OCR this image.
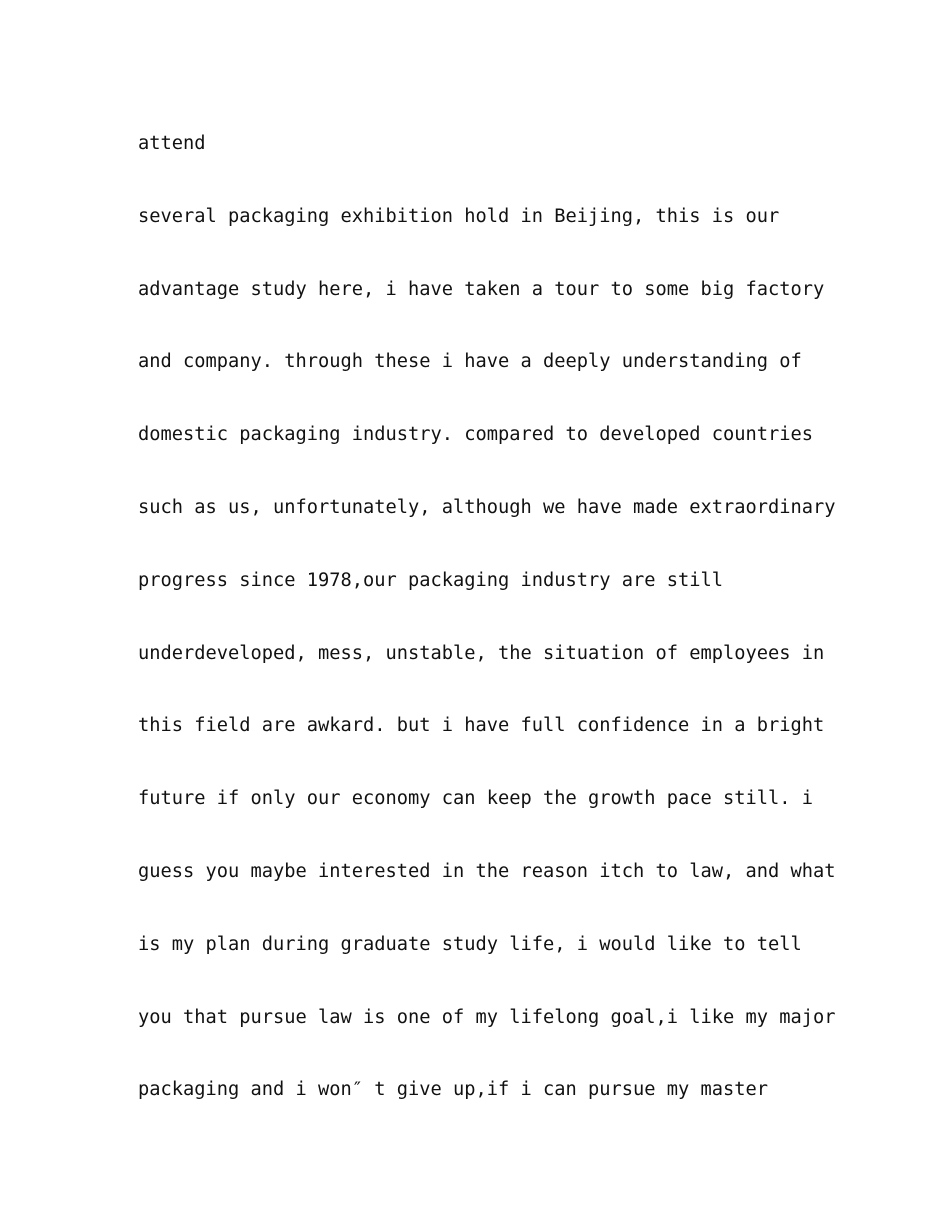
attend
several packaging exhibition hold in Beijing, this is our
advantage study here, i have taken a tour to some big factory
and company. through these i have a deeply understanding of
domestic packaging industry. compared to developed countries
such as us, unfortunately, although we have made extraordinary
progress since 1978,our packaging industry are still
underdeveloped, mess, unstable, the situation of employees in
this field are awkard. but i have full confidence in a bright
future if only our economy can keep the growth pace still. i
guess you maybe interested in the reason itch to law, and what
is my plan during graduate study life, i would like to tell
you that pursue law is one of my lifelong goal,i like my major
packaging and i won″ t give up,if i can pursue my master
